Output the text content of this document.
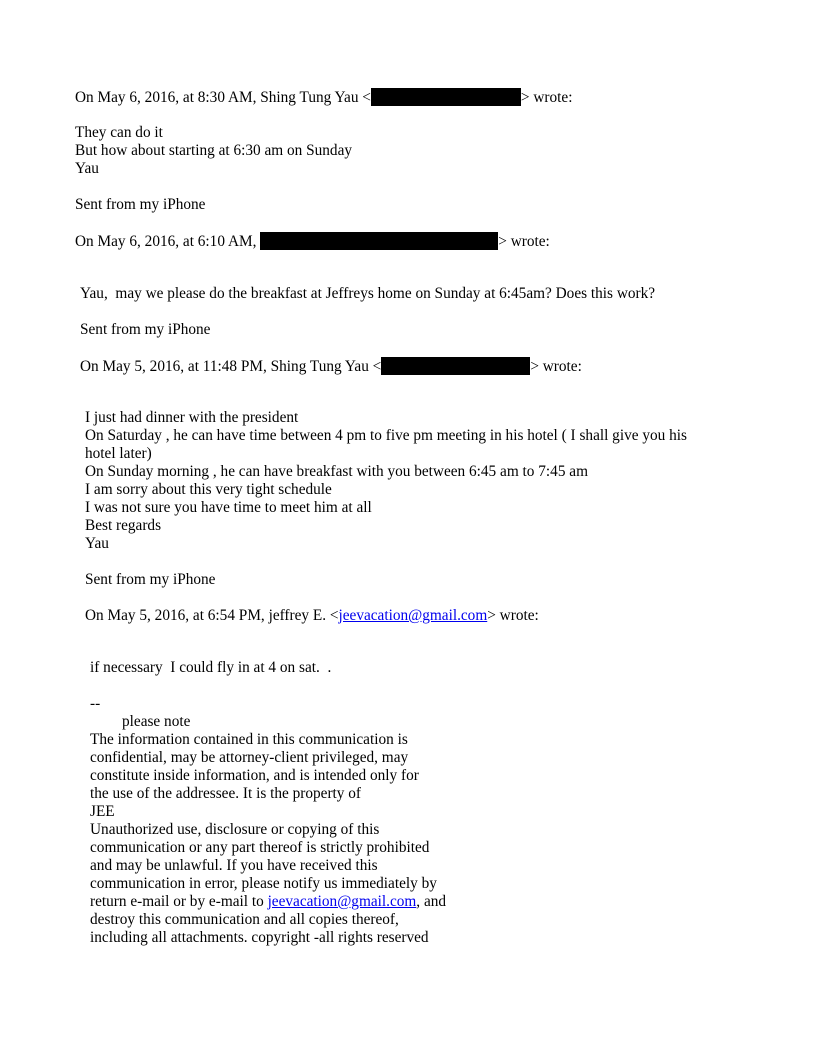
On May 6, 2016, at 8:30 AM, Shing Tung Yau <	> wrote:
They can do it
But how about starting at 6:30 am on Sunday
Yau
Sent from my iPhone
On May 6, 2016, at 6:10 AM,	> wrote:
Yau,  may we please do the breakfast at Jeffreys home on Sunday at 6:45am? Does this work?
Sent from my iPhone
On May 5, 2016, at 11:48 PM, Shing Tung Yau <	> wrote:
I just had dinner with the president
On Saturday , he can have time between 4 pm to five pm meeting in his hotel ( I shall give you his
hotel later)
On Sunday morning , he can have breakfast with you between 6:45 am to 7:45 am
I am sorry about this very tight schedule
I was not sure you have time to meet him at all
Best regards
Yau
Sent from my iPhone
On May 5, 2016, at 6:54 PM, jeffrey E. <jeevacation@gmail.com> wrote:
if necessary  I could fly in at 4 on sat.  .
--
please note
The information contained in this communication is
confidential, may be attorney-client privileged, may
constitute inside information, and is intended only for
the use of the addressee. It is the property of
JEE
Unauthorized use, disclosure or copying of this
communication or any part thereof is strictly prohibited
and may be unlawful. If you have received this
communication in error, please notify us immediately by
return e-mail or by e-mail to jeevacation@gmail.com, and
destroy this communication and all copies thereof,
including all attachments. copyright -all rights reserved
